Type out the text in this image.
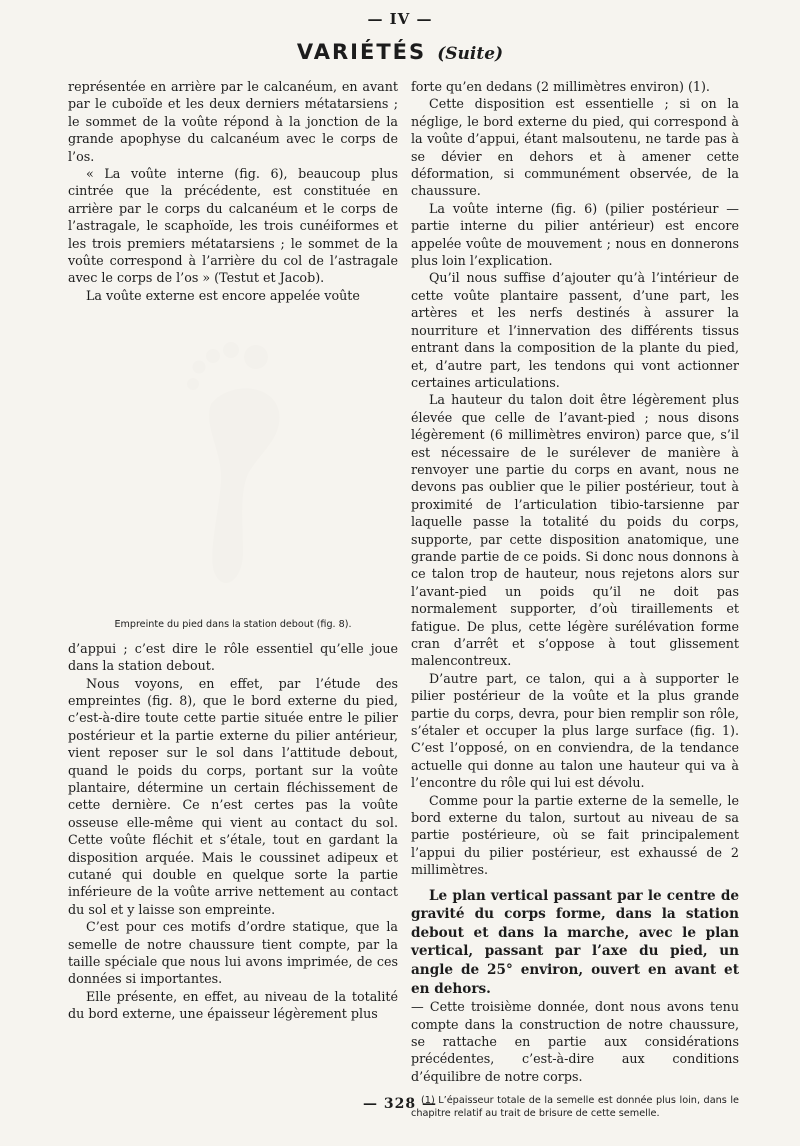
— IV —
VARIÉTÉS (Suite)

représentée en arrière par le calcanéum, en avant par le cuboïde et les deux derniers métatarsiens ; le sommet de la voûte répond à la jonction de la grande apophyse du calcanéum avec le corps de l’os.

« La voûte interne (fig. 6), beaucoup plus cintrée que la précédente, est constituée en arrière par le corps du calcanéum et le corps de l’astragale, le scaphoïde, les trois cunéiformes et les trois premiers métatarsiens ; le sommet de la voûte correspond à l’arrière du col de l’astragale avec le corps de l’os » (Testut et Jacob).

La voûte externe est encore appelée voûte

Empreinte du pied dans la station debout (fig. 8).

d’appui ; c’est dire le rôle essentiel qu’elle joue dans la station debout.

Nous voyons, en effet, par l’étude des empreintes (fig. 8), que le bord externe du pied, c’est-à-dire toute cette partie située entre le pilier postérieur et la partie externe du pilier antérieur, vient reposer sur le sol dans l’attitude debout, quand le poids du corps, portant sur la voûte plantaire, détermine un certain fléchissement de cette dernière. Ce n’est certes pas la voûte osseuse elle-même qui vient au contact du sol. Cette voûte fléchit et s’étale, tout en gardant la disposition arquée. Mais le coussinet adipeux et cutané qui double en quelque sorte la partie inférieure de la voûte arrive nettement au contact du sol et y laisse son empreinte.

C’est pour ces motifs d’ordre statique, que la semelle de notre chaussure tient compte, par la taille spéciale que nous lui avons imprimée, de ces données si importantes.

Elle présente, en effet, au niveau de la totalité du bord externe, une épaisseur légèrement plus

forte qu’en dedans (2 millimètres environ) (1).

Cette disposition est essentielle ; si on la néglige, le bord externe du pied, qui correspond à la voûte d’appui, étant malsoutenu, ne tarde pas à se dévier en dehors et à amener cette déformation, si communément observée, de la chaussure.

La voûte interne (fig. 6) (pilier postérieur — partie interne du pilier antérieur) est encore appelée voûte de mouvement ; nous en donnerons plus loin l’explication.

Qu’il nous suffise d’ajouter qu’à l’intérieur de cette voûte plantaire passent, d’une part, les artères et les nerfs destinés à assurer la nourriture et l’innervation des différents tissus entrant dans la composition de la plante du pied, et, d’autre part, les tendons qui vont actionner certaines articulations.

La hauteur du talon doit être légèrement plus élevée que celle de l’avant-pied ; nous disons légèrement (6 millimètres environ) parce que, s’il est nécessaire de le surélever de manière à renvoyer une partie du corps en avant, nous ne devons pas oublier que le pilier postérieur, tout à proximité de l’articulation tibio-tarsienne par laquelle passe la totalité du poids du corps, supporte, par cette disposition anatomique, une grande partie de ce poids. Si donc nous donnons à ce talon trop de hauteur, nous rejetons alors sur l’avant-pied un poids qu’il ne doit pas normalement supporter, d’où tiraillements et fatigue. De plus, cette légère surélévation forme cran d’arrêt et s’oppose à tout glissement malencontreux.

D’autre part, ce talon, qui a à supporter le pilier postérieur de la voûte et la plus grande partie du corps, devra, pour bien remplir son rôle, s’étaler et occuper la plus large surface (fig. 1). C’est l’opposé, on en conviendra, de la tendance actuelle qui donne au talon une hauteur qui va à l’encontre du rôle qui lui est dévolu.

Comme pour la partie externe de la semelle, le bord externe du talon, surtout au niveau de sa partie postérieure, où se fait principalement l’appui du pilier postérieur, est exhaussé de 2 millimètres.

Le plan vertical passant par le centre de gravité du corps forme, dans la station debout et dans la marche, avec le plan vertical, passant par l’axe du pied, un angle de 25° environ, ouvert en avant et en dehors.

— Cette troisième donnée, dont nous avons tenu compte dans la construction de notre chaussure, se rattache en partie aux considérations précédentes, c’est-à-dire aux conditions d’équilibre de notre corps.

(1) L’épaisseur totale de la semelle est donnée plus loin, dans le chapitre relatif au trait de brisure de cette semelle.

— 328 —
